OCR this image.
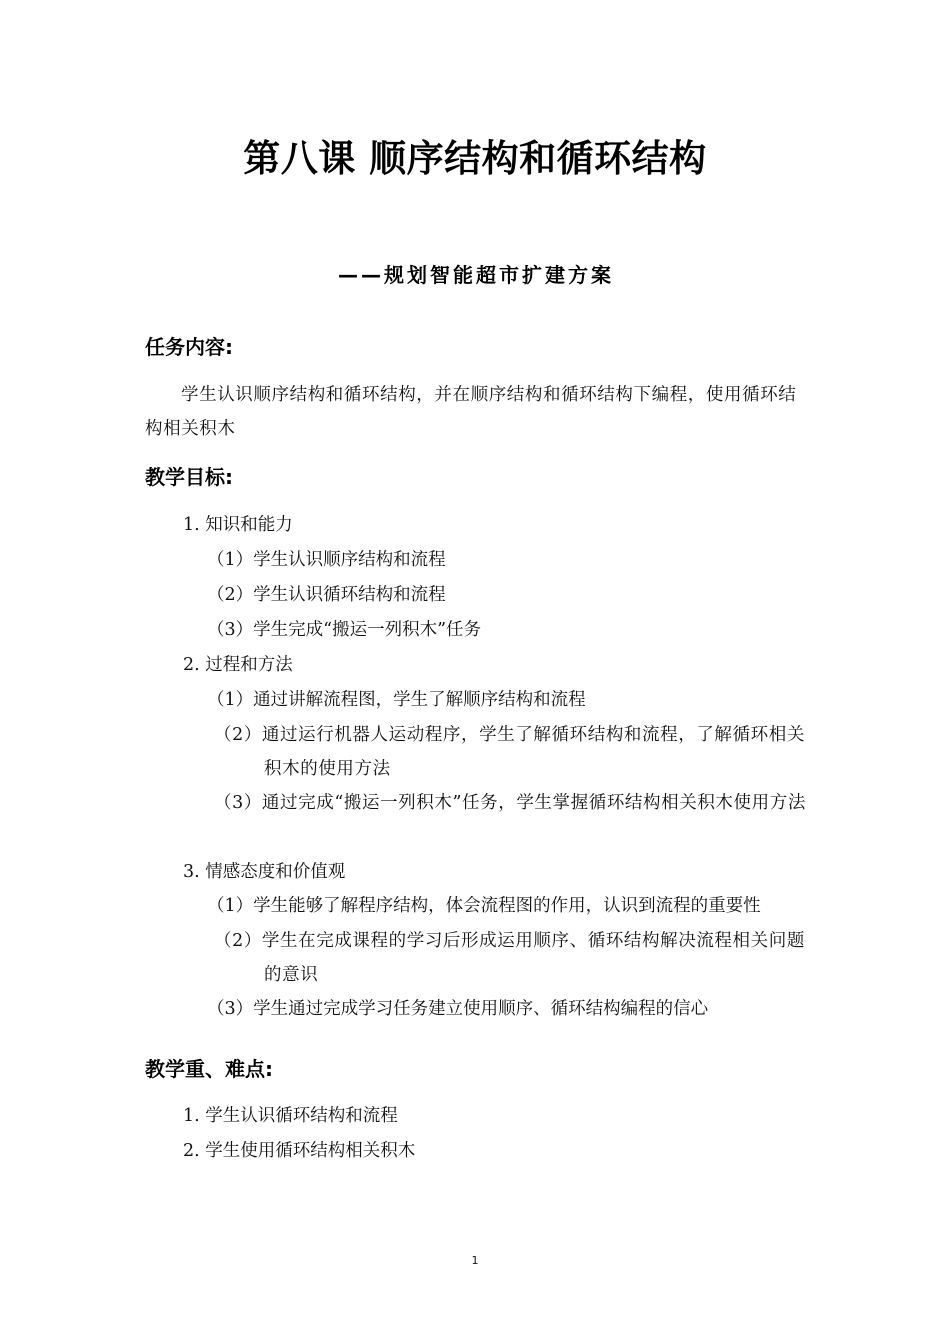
第八课 顺序结构和循环结构
——规划智能超市扩建方案
任务内容:
学生认识顺序结构和循环结构，并在顺序结构和循环结构下编程，使用循环结构相关积木
教学目标:
1. 知识和能力
（1）学生认识顺序结构和流程
（2）学生认识循环结构和流程
（3）学生完成“搬运一列积木”任务
2. 过程和方法
（1）通过讲解流程图，学生了解顺序结构和流程
（2）通过运行机器人运动程序，学生了解循环结构和流程，了解循环相关积木的使用方法
（3）通过完成“搬运一列积木”任务，学生掌握循环结构相关积木使用方法
3. 情感态度和价值观
（1）学生能够了解程序结构，体会流程图的作用，认识到流程的重要性
（2）学生在完成课程的学习后形成运用顺序、循环结构解决流程相关问题的意识
（3）学生通过完成学习任务建立使用顺序、循环结构编程的信心
教学重、难点:
1. 学生认识循环结构和流程
2. 学生使用循环结构相关积木
1
